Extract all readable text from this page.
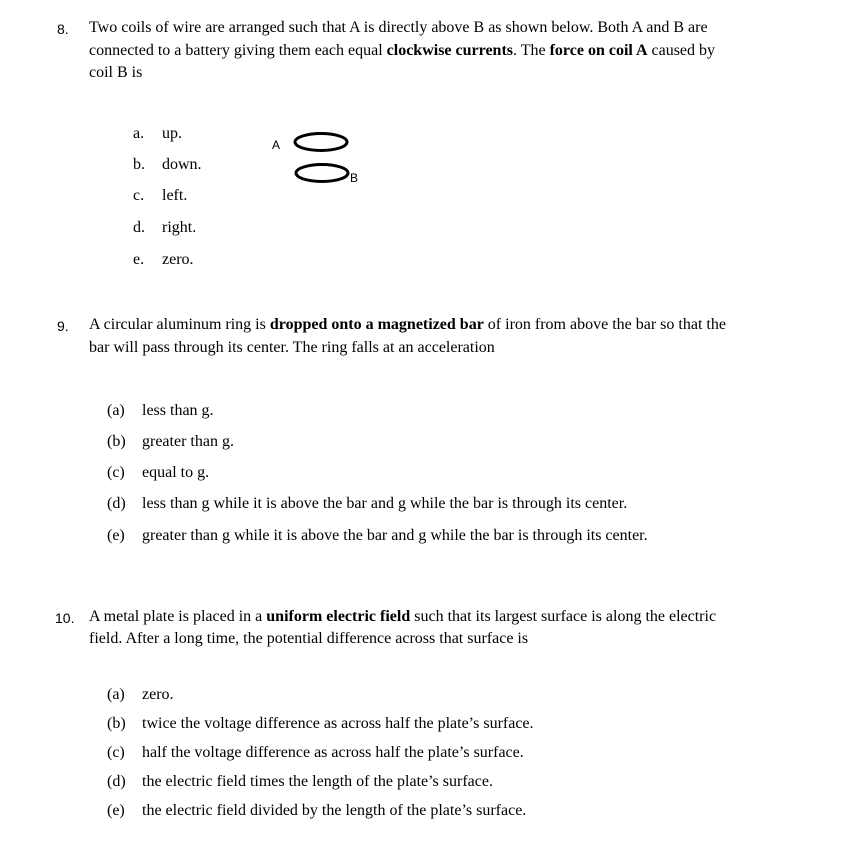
A
B
8. Two coils of wire are arranged such that A is directly above B as shown below. Both A and B are
connected to a battery giving them each equal clockwise currents. The force on coil A caused by
coil B is
a. up.
b. down.
c. left.
d. right.
e. zero.
9. A circular aluminum ring is dropped onto a magnetized bar of iron from above the bar so that the
bar will pass through its center. The ring falls at an acceleration
(a) less than g.
(b) greater than g.
(c) equal to g.
(d) less than g while it is above the bar and g while the bar is through its center.
(e) greater than g while it is above the bar and g while the bar is through its center.
10. A metal plate is placed in a uniform electric field such that its largest surface is along the electric
field. After a long time, the potential difference across that surface is
(a) zero.
(b) twice the voltage difference as across half the plate’s surface.
(c) half the voltage difference as across half the plate’s surface.
(d) the electric field times the length of the plate’s surface.
(e) the electric field divided by the length of the plate’s surface.
